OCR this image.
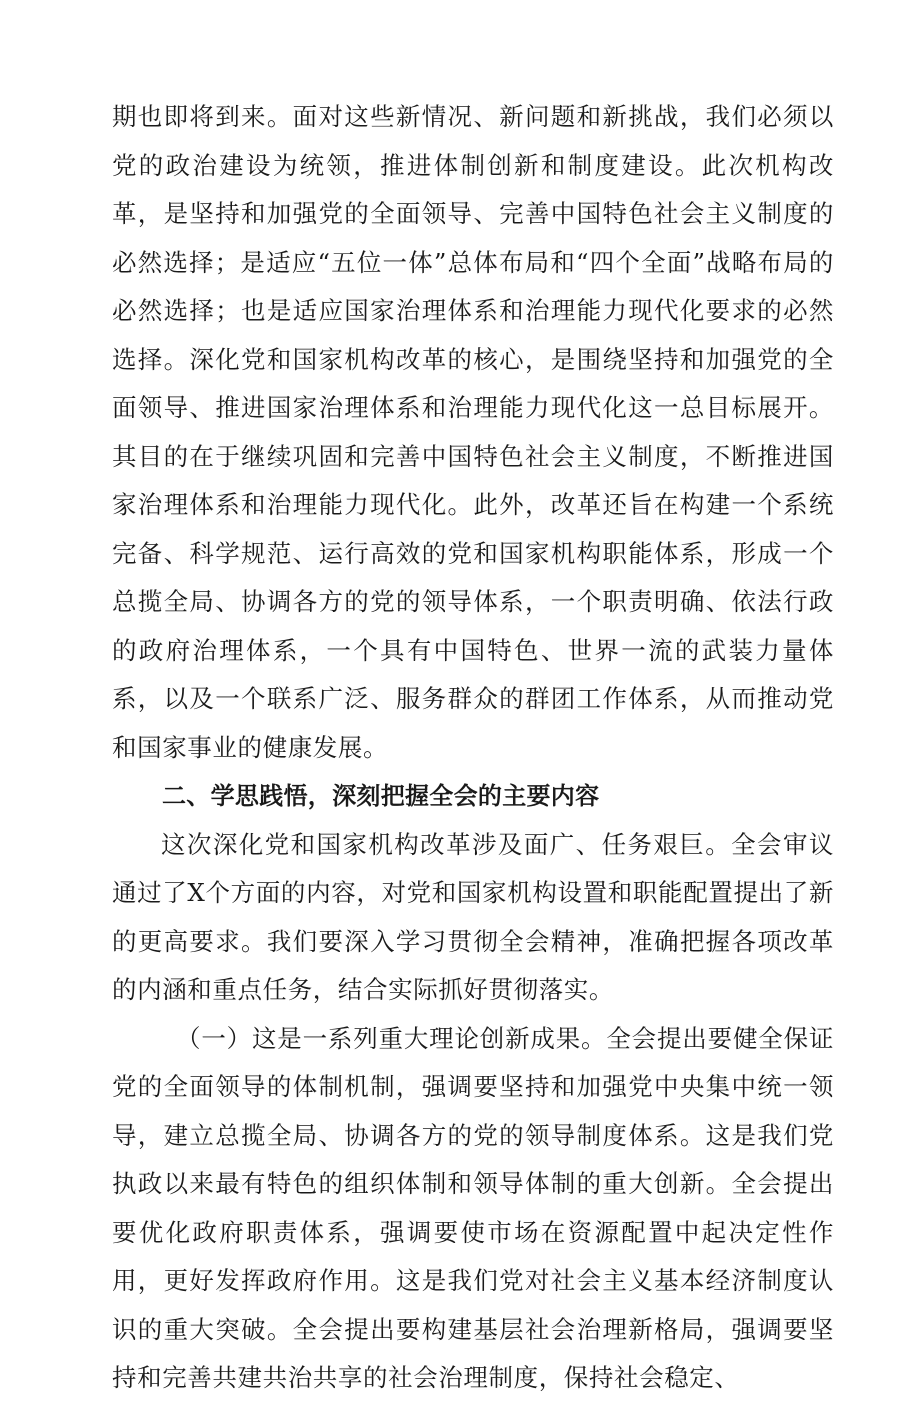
期也即将到来。面对这些新情况、新问题和新挑战，我们必须以党的政治建设为统领，推进体制创新和制度建设。此次机构改革，是坚持和加强党的全面领导、完善中国特色社会主义制度的必然选择；是适应“五位一体”总体布局和“四个全面”战略布局的必然选择；也是适应国家治理体系和治理能力现代化要求的必然选择。深化党和国家机构改革的核心，是围绕坚持和加强党的全面领导、推进国家治理体系和治理能力现代化这一总目标展开。其目的在于继续巩固和完善中国特色社会主义制度，不断推进国家治理体系和治理能力现代化。此外，改革还旨在构建一个系统完备、科学规范、运行高效的党和国家机构职能体系，形成一个总揽全局、协调各方的党的领导体系，一个职责明确、依法行政的政府治理体系，一个具有中国特色、世界一流的武装力量体系，以及一个联系广泛、服务群众的群团工作体系，从而推动党和国家事业的健康发展。

二、学思践悟，深刻把握全会的主要内容

这次深化党和国家机构改革涉及面广、任务艰巨。全会审议通过了X个方面的内容，对党和国家机构设置和职能配置提出了新的更高要求。我们要深入学习贯彻全会精神，准确把握各项改革的内涵和重点任务，结合实际抓好贯彻落实。

（一）这是一系列重大理论创新成果。全会提出要健全保证党的全面领导的体制机制，强调要坚持和加强党中央集中统一领导，建立总揽全局、协调各方的党的领导制度体系。这是我们党执政以来最有特色的组织体制和领导体制的重大创新。全会提出要优化政府职责体系，强调要使市场在资源配置中起决定性作用，更好发挥政府作用。这是我们党对社会主义基本经济制度认识的重大突破。全会提出要构建基层社会治理新格局，强调要坚持和完善共建共治共享的社会治理制度，保持社会稳定、
